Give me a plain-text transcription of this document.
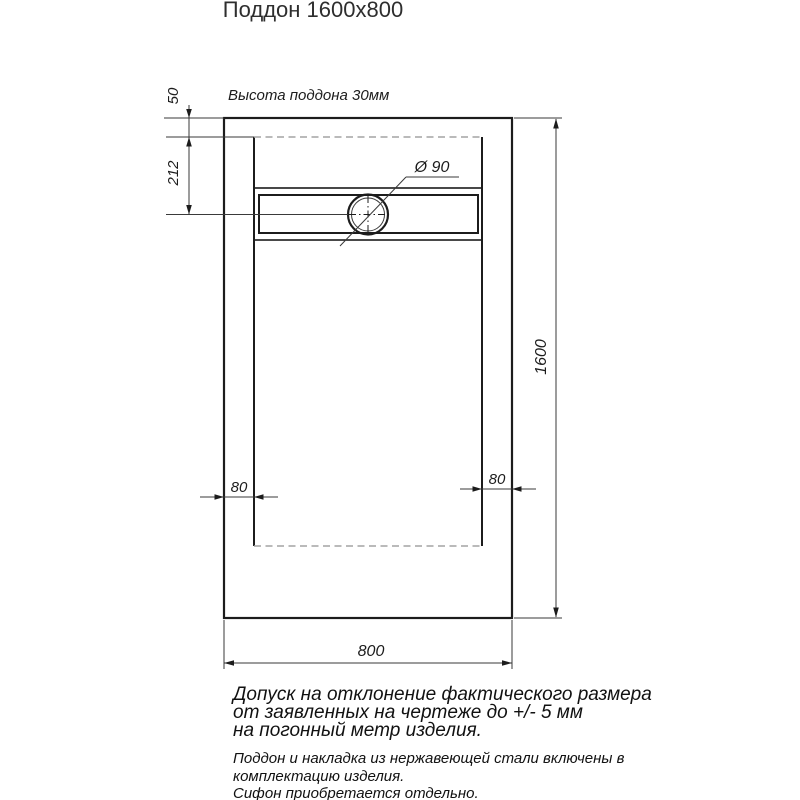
Поддон 1600x800
Высота поддона 30мм
Ø 90
50
212
1600
80	80
800
Допуск на отклонение фактического размера
от заявленных на чертеже до +/- 5 мм
на погонный метр изделия.
Поддон и накладка из нержавеющей стали включены в
комплектацию изделия.
Сифон приобретается отдельно.
